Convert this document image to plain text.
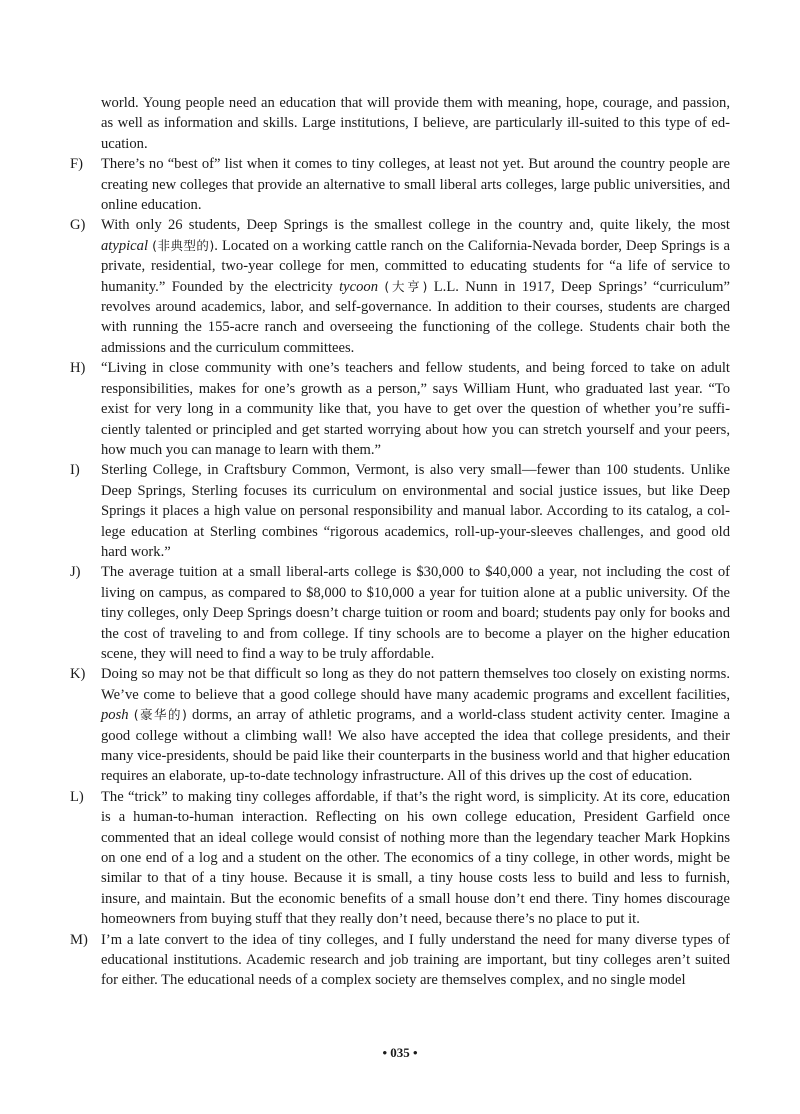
world. Young people need an education that will provide them with meaning, hope, courage, and passion, as well as information and skills. Large institutions, I believe, are particularly ill-suited to this type of education.
F)	There’s no “best of” list when it comes to tiny colleges, at least not yet. But around the country people are creating new colleges that provide an alternative to small liberal arts colleges, large public universities, and online education.
G)	With only 26 students, Deep Springs is the smallest college in the country and, quite likely, the most atypical (非典型的). Located on a working cattle ranch on the California-Nevada border, Deep Springs is a private, residential, two-year college for men, committed to educating students for “a life of service to humanity.” Founded by the electricity tycoon (大亨) L.L. Nunn in 1917, Deep Springs’ “curriculum” revolves around academics, labor, and self-governance. In addition to their courses, students are charged with running the 155-acre ranch and overseeing the functioning of the college. Students chair both the admissions and the curriculum committees.
H)	“Living in close community with one’s teachers and fellow students, and being forced to take on adult responsibilities, makes for one’s growth as a person,” says William Hunt, who graduated last year. “To exist for very long in a community like that, you have to get over the question of whether you’re sufficiently talented or principled and get started worrying about how you can stretch yourself and your peers, how much you can manage to learn with them.”
I)	Sterling College, in Craftsbury Common, Vermont, is also very small—fewer than 100 students. Unlike Deep Springs, Sterling focuses its curriculum on environmental and social justice issues, but like Deep Springs it places a high value on personal responsibility and manual labor. According to its catalog, a college education at Sterling combines “rigorous academics, roll-up-your-sleeves challenges, and good old hard work.”
J)	The average tuition at a small liberal-arts college is $30,000 to $40,000 a year, not including the cost of living on campus, as compared to $8,000 to $10,000 a year for tuition alone at a public university. Of the tiny colleges, only Deep Springs doesn’t charge tuition or room and board; students pay only for books and the cost of traveling to and from college. If tiny schools are to become a player on the higher education scene, they will need to find a way to be truly affordable.
K)	Doing so may not be that difficult so long as they do not pattern themselves too closely on existing norms. We’ve come to believe that a good college should have many academic programs and excellent facilities, posh (豪华的) dorms, an array of athletic programs, and a world-class student activity center. Imagine a good college without a climbing wall! We also have accepted the idea that college presidents, and their many vice-presidents, should be paid like their counterparts in the business world and that higher education requires an elaborate, up-to-date technology infrastructure. All of this drives up the cost of education.
L)	The “trick” to making tiny colleges affordable, if that’s the right word, is simplicity. At its core, education is a human-to-human interaction. Reflecting on his own college education, President Garfield once commented that an ideal college would consist of nothing more than the legendary teacher Mark Hopkins on one end of a log and a student on the other. The economics of a tiny college, in other words, might be similar to that of a tiny house. Because it is small, a tiny house costs less to build and less to furnish, insure, and maintain. But the economic benefits of a small house don’t end there. Tiny homes discourage homeowners from buying stuff that they really don’t need, because there’s no place to put it.
M) I’m a late convert to the idea of tiny colleges, and I fully understand the need for many diverse types of educational institutions. Academic research and job training are important, but tiny colleges aren’t suited for either. The educational needs of a complex society are themselves complex, and no single model
• 035 •
